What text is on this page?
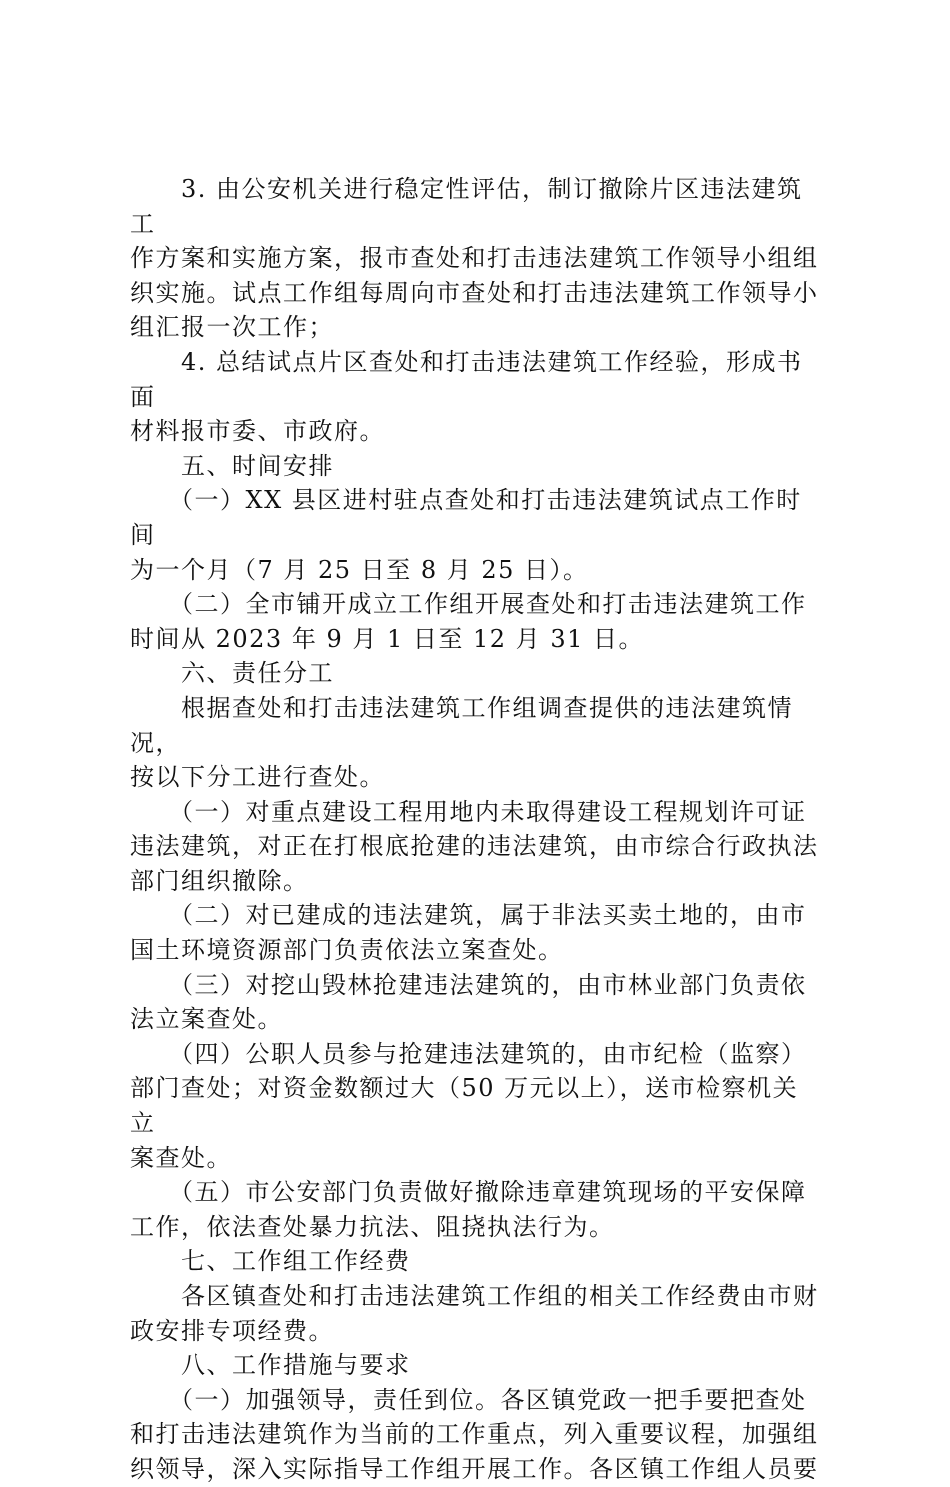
　　3. 由公安机关进行稳定性评估，制订撤除片区违法建筑工
作方案和实施方案，报市查处和打击违法建筑工作领导小组组
织实施。试点工作组每周向市查处和打击违法建筑工作领导小
组汇报一次工作；

　　4. 总结试点片区查处和打击违法建筑工作经验，形成书面
材料报市委、市政府。

　　五、时间安排

　　（一）XX 县区进村驻点查处和打击违法建筑试点工作时间
为一个月（7 月 25 日至 8 月 25 日）。

　　（二）全市铺开成立工作组开展查处和打击违法建筑工作
时间从 2023 年 9 月 1 日至 12 月 31 日。

　　六、责任分工

　　根据查处和打击违法建筑工作组调查提供的违法建筑情况，
按以下分工进行查处。

　　（一）对重点建设工程用地内未取得建设工程规划许可证
违法建筑，对正在打根底抢建的违法建筑，由市综合行政执法
部门组织撤除。

　　（二）对已建成的违法建筑，属于非法买卖土地的，由市
国土环境资源部门负责依法立案查处。

　　（三）对挖山毁林抢建违法建筑的，由市林业部门负责依
法立案查处。

　　（四）公职人员参与抢建违法建筑的，由市纪检（监察）
部门查处；对资金数额过大（50 万元以上），送市检察机关立
案查处。

　　（五）市公安部门负责做好撤除违章建筑现场的平安保障
工作，依法查处暴力抗法、阻挠执法行为。

　　七、工作组工作经费

　　各区镇查处和打击违法建筑工作组的相关工作经费由市财
政安排专项经费。

　　八、工作措施与要求

　　（一）加强领导，责任到位。各区镇党政一把手要把查处
和打击违法建筑作为当前的工作重点，列入重要议程，加强组
织领导，深入实际指导工作组开展工作。各区镇工作组人员要
